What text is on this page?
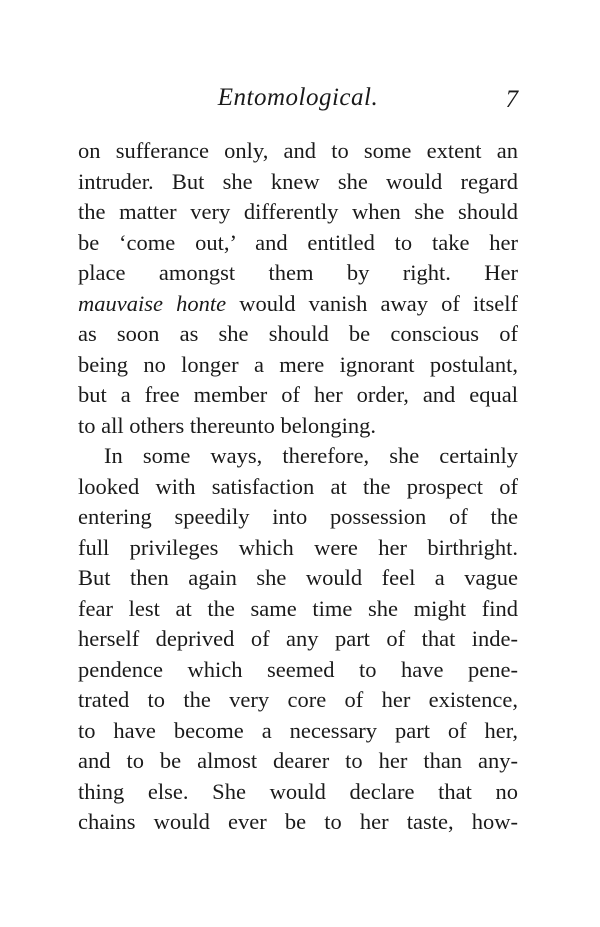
Entomological.	7
on sufferance only, and to some extent an
intruder. But she knew she would regard
the matter very differently when she should
be ‘come out,’ and entitled to take her
place amongst them by right. Her
mauvaise honte would vanish away of itself
as soon as she should be conscious of
being no longer a mere ignorant postulant,
but a free member of her order, and equal
to all others thereunto belonging.
In some ways, therefore, she certainly
looked with satisfaction at the prospect of
entering speedily into possession of the
full privileges which were her birthright.
But then again she would feel a vague
fear lest at the same time she might find
herself deprived of any part of that inde-
pendence which seemed to have pene-
trated to the very core of her existence,
to have become a necessary part of her,
and to be almost dearer to her than any-
thing else. She would declare that no
chains would ever be to her taste, how-
